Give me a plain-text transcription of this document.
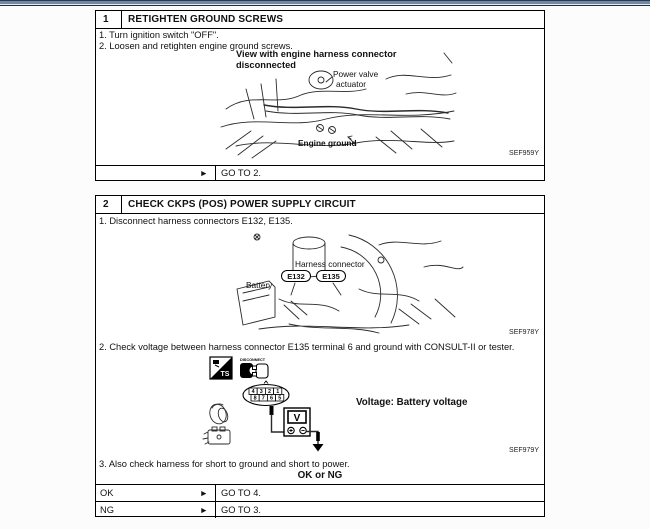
1	RETIGHTEN GROUND SCREWS
1. Turn ignition switch "OFF".
2. Loosen and retighten engine ground screws.
View with engine harness connector
disconnected
Power valve
actuator
Engine ground
SEF959Y
►	GO TO 2.
2	CHECK CKPS (POS) POWER SUPPLY CIRCUIT
1. Disconnect harness connectors E132, E135.
Harness connector
E132	E135
Battery
SEF978Y
2. Check voltage between harness connector E135 terminal 6 and ground with CONSULT-II or tester.
TS
DISCONNECT
4 3 2 1
8 7 6 5
V
Voltage: Battery voltage
SEF979Y
3. Also check harness for short to ground and short to power.
OK or NG
OK	►	GO TO 4.
NG	►	GO TO 3.
